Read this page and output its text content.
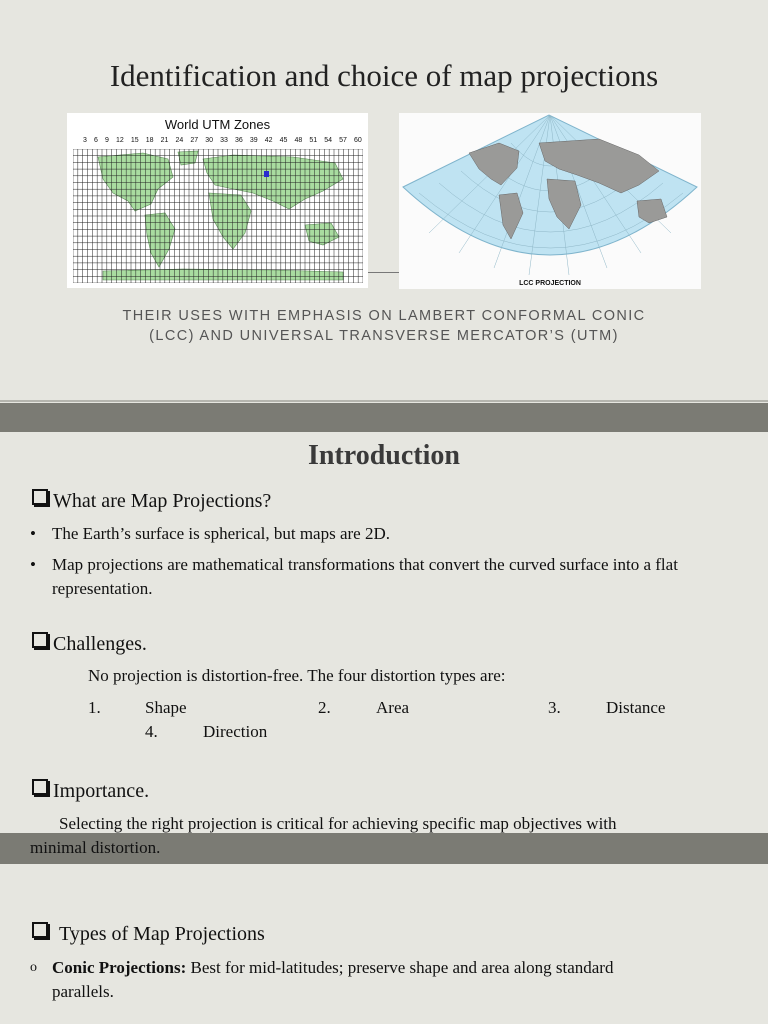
Identification and choice of map projections
World UTM Zones
3 6 9 12 15 18 21 24 27 30 33 36 39 42 45 48 51 54 57 60
LCC PROJECTION
THEIR USES WITH EMPHASIS ON LAMBERT CONFORMAL CONIC
(LCC) AND UNIVERSAL TRANSVERSE MERCATOR’S (UTM)
Introduction
What are Map Projections?
• The Earth’s surface is spherical, but maps are 2D.
• Map projections are mathematical transformations that convert the curved surface into a flat representation.
Challenges.
No projection is distortion-free. The four distortion types are:
1.	Shape	2.	Area	3.	Distance
4.	Direction
Importance.
Selecting the right projection is critical for achieving specific map objectives with
minimal distortion.
Types of Map Projections
o Conic Projections: Best for mid-latitudes; preserve shape and area along standard
parallels.
